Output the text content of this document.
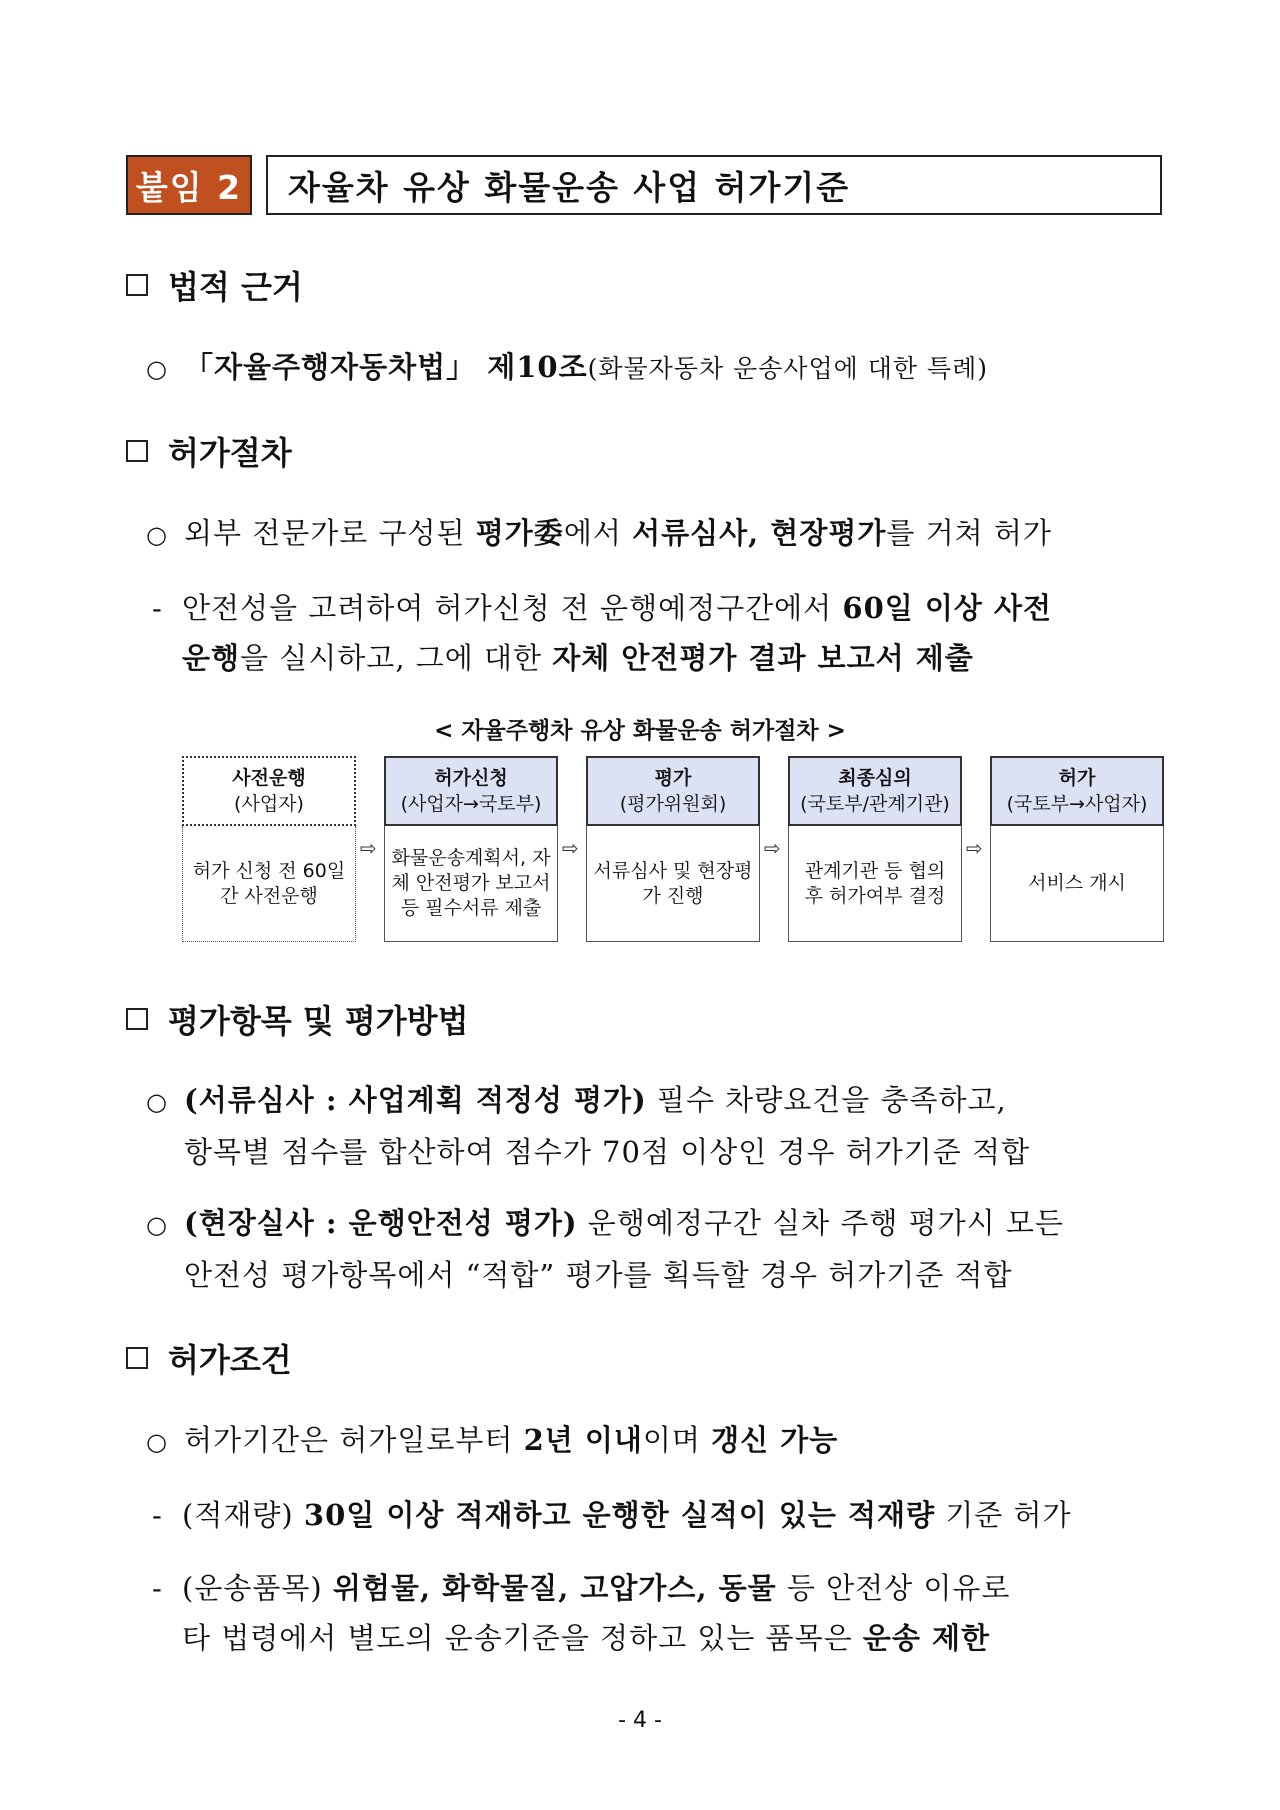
붙임 2	자율차 유상 화물운송 사업 허가기준
법적 근거
○ 「자율주행자동차법」 제10조(화물자동차 운송사업에 대한 특례)
허가절차
○ 외부 전문가로 구성된 평가委에서 서류심사, 현장평가를 거쳐 허가
- 안전성을 고려하여 허가신청 전 운행예정구간에서 60일 이상 사전
운행을 실시하고, 그에 대한 자체 안전평가 결과 보고서 제출
< 자율주행차 유상 화물운송 허가절차 >
사전운행
(사업자)
허가 신청 전 60일간 사전운행
⇨
허가신청
(사업자→국토부)
화물운송계획서, 자체 안전평가 보고서 등 필수서류 제출
⇨
평가
(평가위원회)
서류심사 및 현장평가 진행
⇨
최종심의
(국토부/관계기관)
관계기관 등 협의 후 허가여부 결정
⇨
허가
(국토부→사업자)
서비스 개시
평가항목 및 평가방법
○ (서류심사 : 사업계획 적정성 평가) 필수 차량요건을 충족하고,
항목별 점수를 합산하여 점수가 70점 이상인 경우 허가기준 적합
○ (현장실사 : 운행안전성 평가) 운행예정구간 실차 주행 평가시 모든
안전성 평가항목에서 “적합” 평가를 획득할 경우 허가기준 적합
허가조건
○ 허가기간은 허가일로부터 2년 이내이며 갱신 가능
- (적재량) 30일 이상 적재하고 운행한 실적이 있는 적재량 기준 허가
- (운송품목) 위험물, 화학물질, 고압가스, 동물 등 안전상 이유로
타 법령에서 별도의 운송기준을 정하고 있는 품목은 운송 제한
- 4 -
